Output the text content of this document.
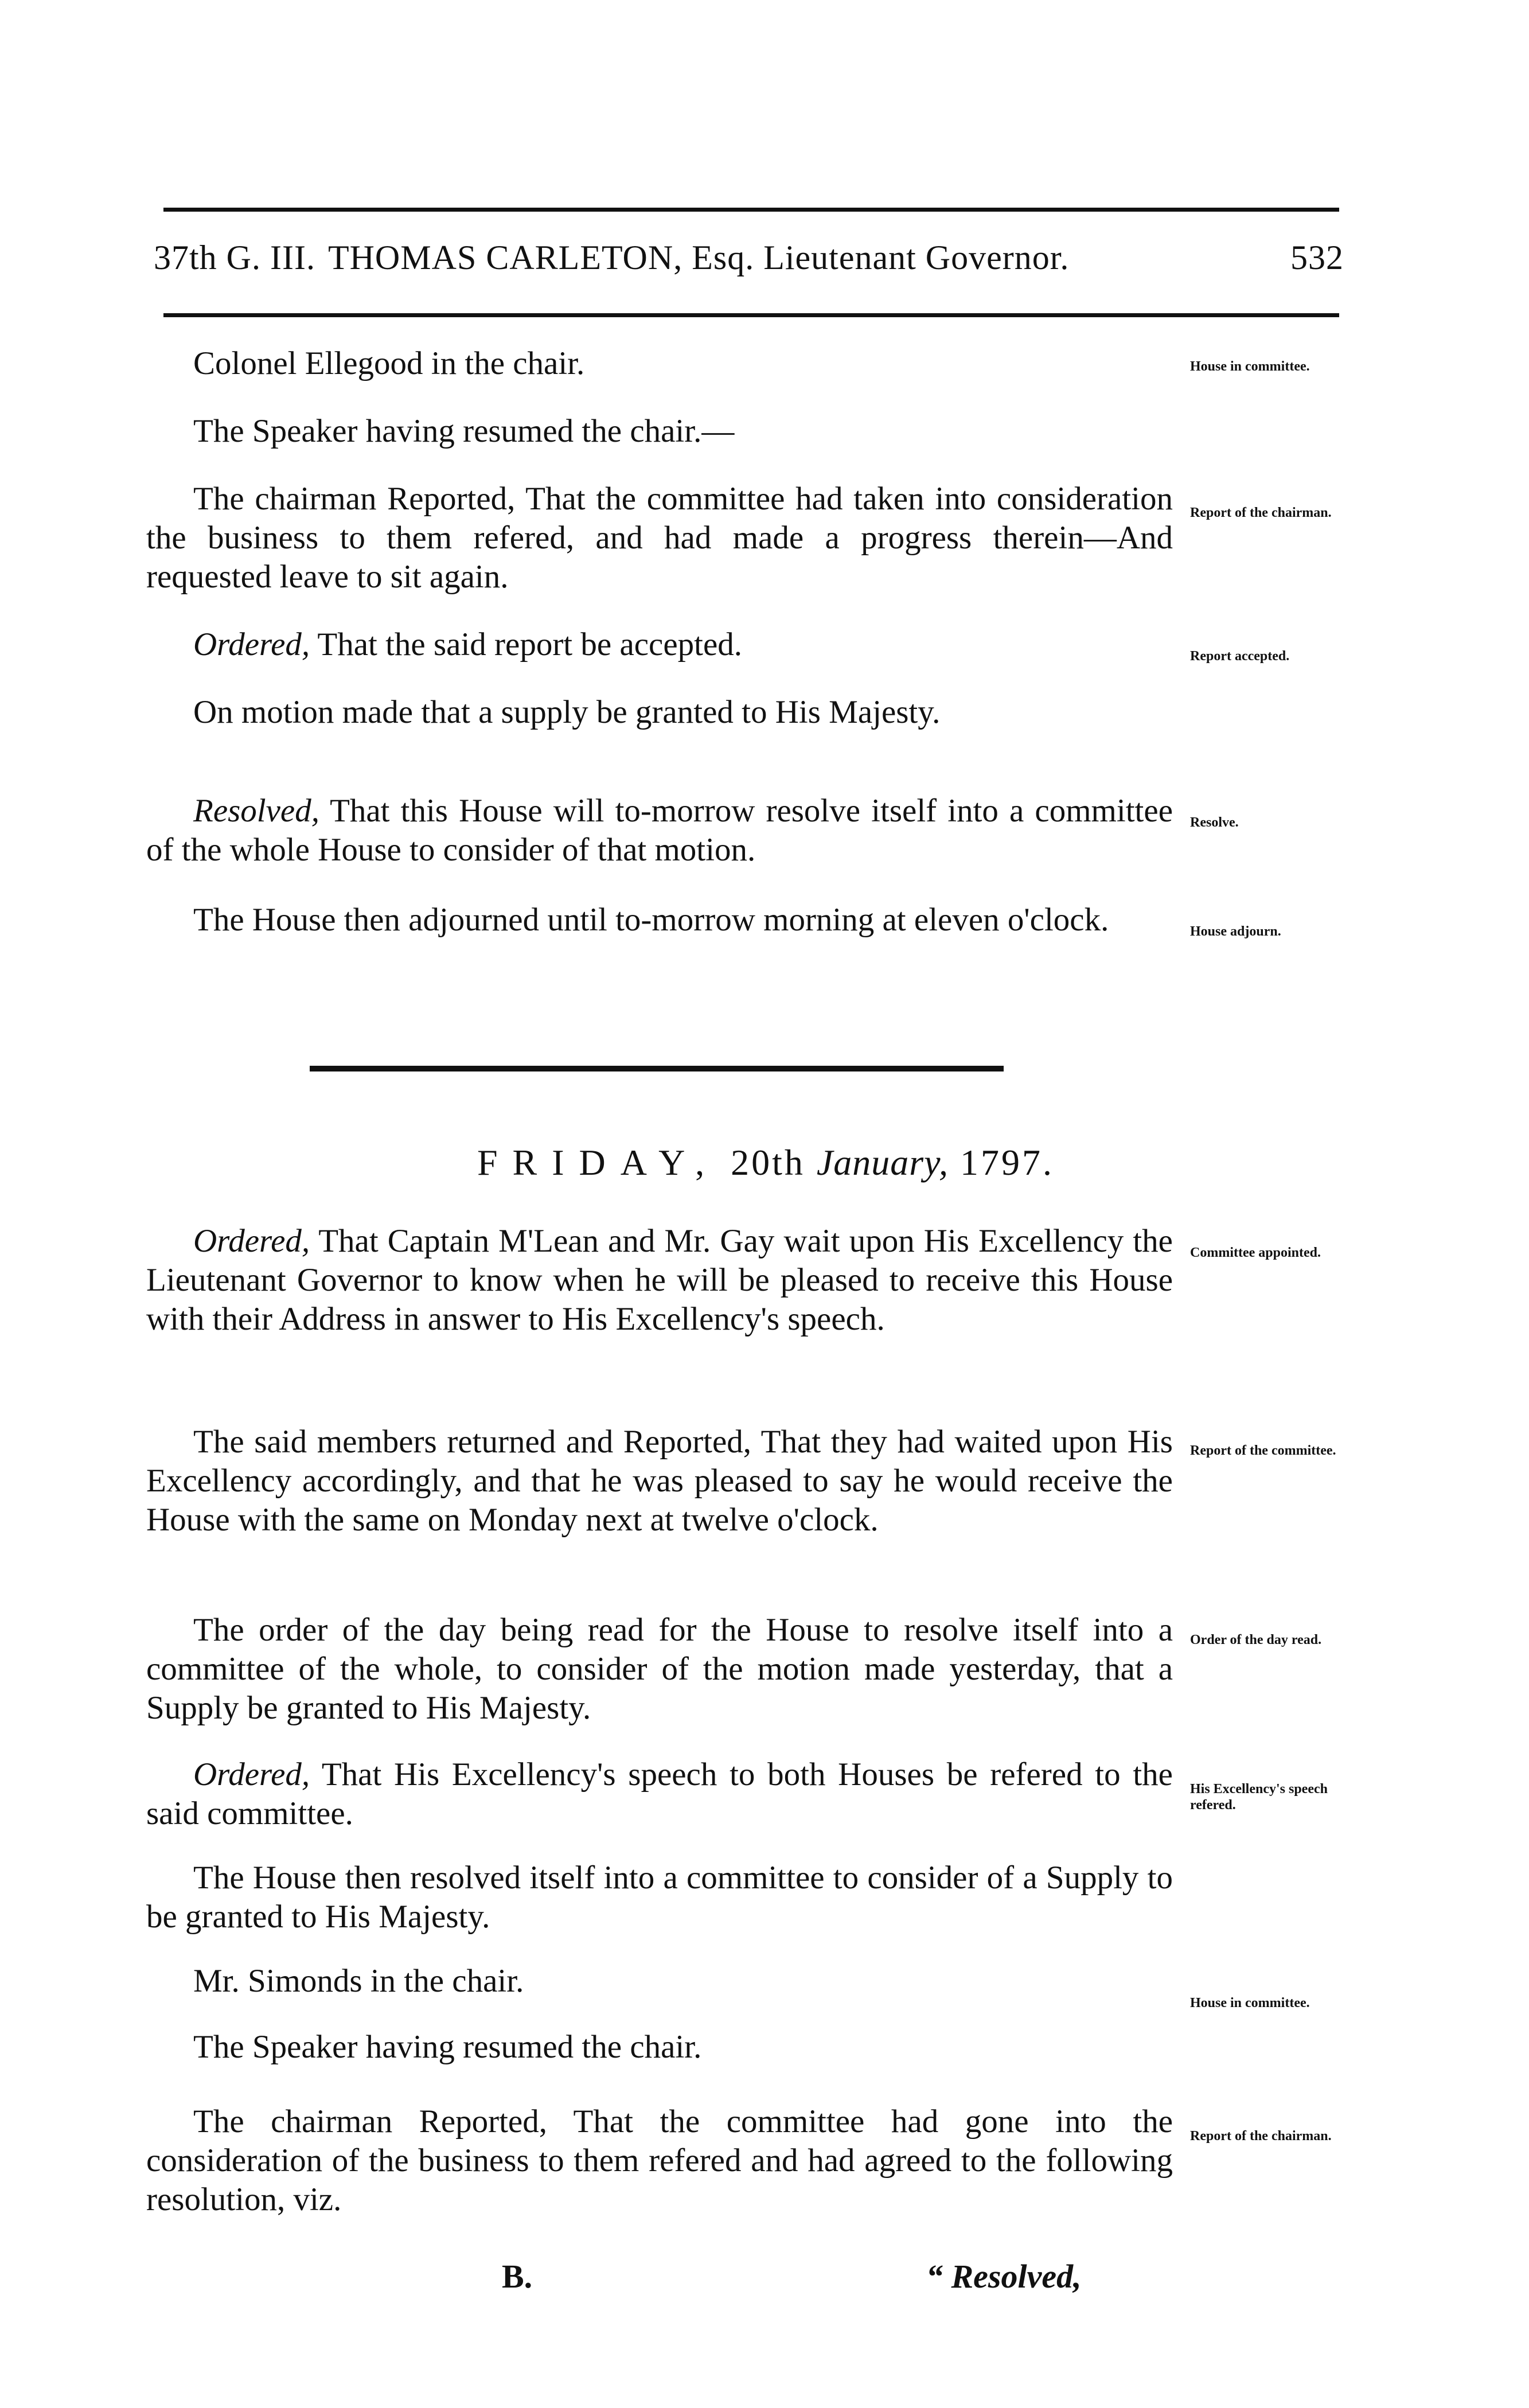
37th G. III. THOMAS CARLETON, Esq. Lieutenant Governor.	532

Colonel Ellegood in the chair.	House in committee.

The Speaker having resumed the chair.—

The chairman Reported, That the committee had taken into consideration the business to them refered, and had made a progress therein—And requested leave to sit again.

Report of the chairman.

Ordered, That the said report be accepted.	Report accepted.

On motion made that a supply be granted to His Majesty.

Resolved, That this House will to-morrow resolve itself into a committee of the whole House to consider of that motion.

Resolve.

The House then adjourned until to-morrow morning at eleven o'clock.	House adjourn.
FRIDAY, 20th January, 1797.

Ordered, That Captain M'Lean and Mr. Gay wait upon His Excellency the Lieutenant Governor to know when he will be pleased to receive this House with their Address in answer to His Excellency's speech.

Committee appointed.

The said members returned and Reported, That they had waited upon His Excellency accordingly, and that he was pleased to say he would receive the House with the same on Monday next at twelve o'clock.

Report of the committee.

The order of the day being read for the House to resolve itself into a committee of the whole, to consider of the motion made yesterday, that a Supply be granted to His Majesty.

Order of the day read.

Ordered, That His Excellency's speech to both Houses be refered to the said committee.

His Excellency's speech refered.

The House then resolved itself into a committee to consider of a Supply to be granted to His Majesty.

Mr. Simonds in the chair.

House in committee.

The Speaker having resumed the chair.

The chairman Reported, That the committee had gone into the consideration of the business to them refered and had agreed to the following resolution, viz.

Report of the chairman.
B.	“ Resolved,
